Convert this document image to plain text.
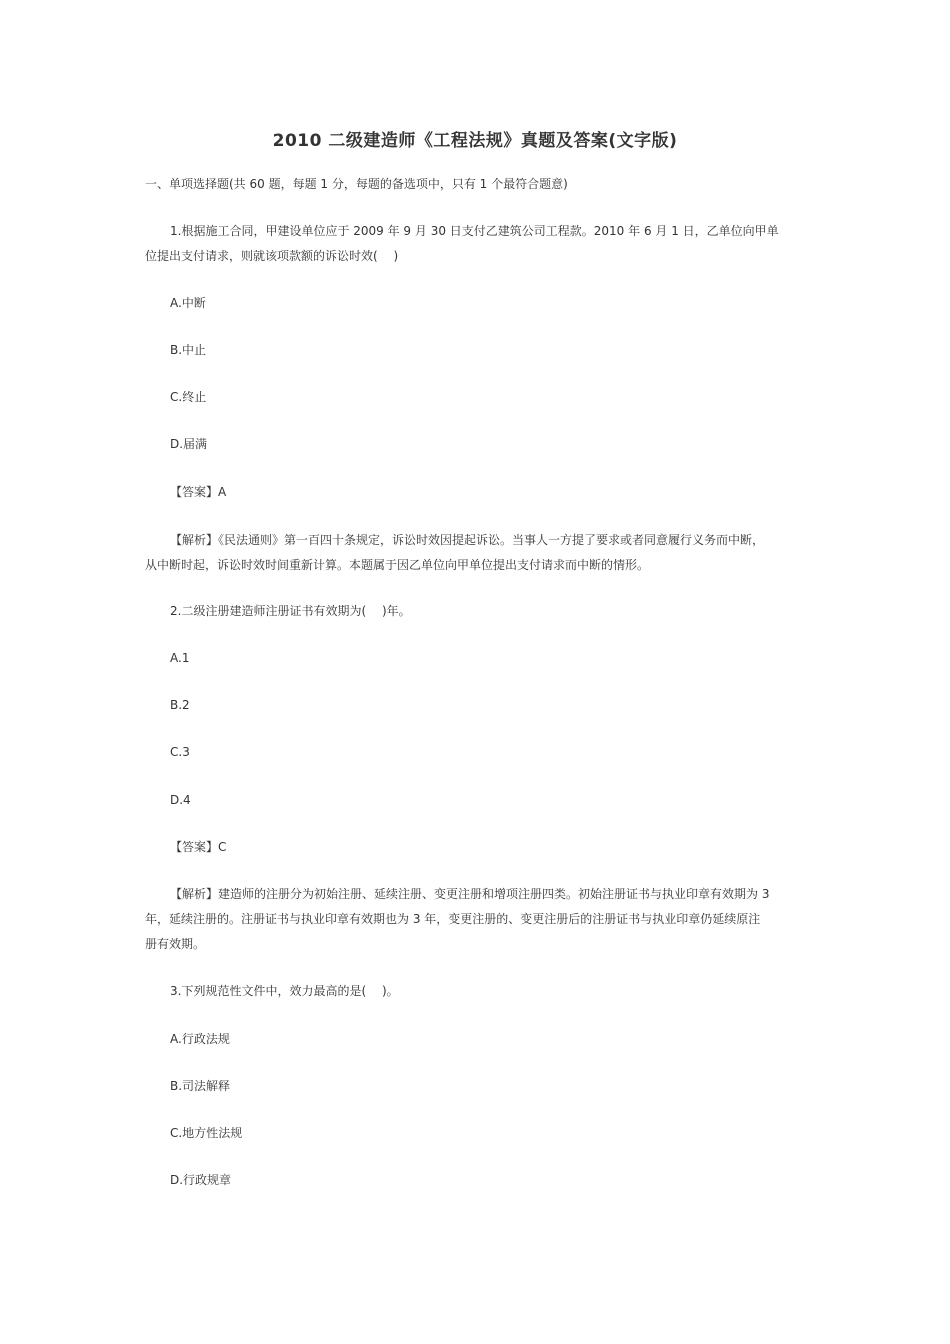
2010 二级建造师《工程法规》真题及答案(文字版)
一、单项选择题(共 60 题，每题 1 分，每题的备选项中，只有 1 个最符合题意)
1.根据施工合同，甲建设单位应于 2009 年 9 月 30 日支付乙建筑公司工程款。2010 年 6 月 1 日，乙单位向甲单
位提出支付请求，则就该项款额的诉讼时效(　 )
A.中断
B.中止
C.终止
D.届满
【答案】A
【解析】《民法通则》第一百四十条规定，诉讼时效因提起诉讼。当事人一方提了要求或者同意履行义务而中断，
从中断时起，诉讼时效时间重新计算。本题属于因乙单位向甲单位提出支付请求而中断的情形。
2.二级注册建造师注册证书有效期为(　 )年。
A.1
B.2
C.3
D.4
【答案】C
【解析】建造师的注册分为初始注册、延续注册、变更注册和增项注册四类。初始注册证书与执业印章有效期为 3
年，延续注册的。注册证书与执业印章有效期也为 3 年，变更注册的、变更注册后的注册证书与执业印章仍延续原注
册有效期。
3.下列规范性文件中，效力最高的是(　 )。
A.行政法规
B.司法解释
C.地方性法规
D.行政规章
